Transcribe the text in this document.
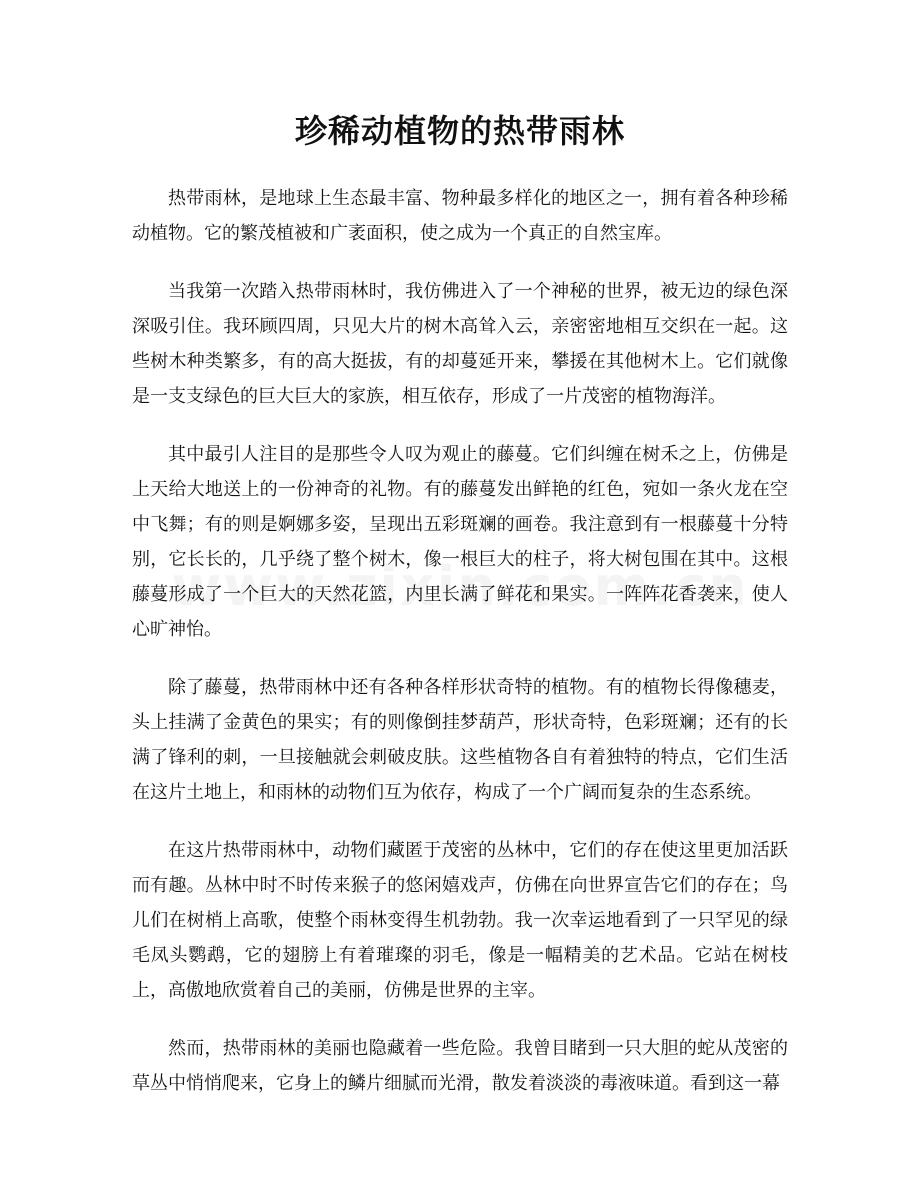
珍稀动植物的热带雨林

热带雨林，是地球上生态最丰富、物种最多样化的地区之一，拥有着各种珍稀动植物。它的繁茂植被和广袤面积，使之成为一个真正的自然宝库。

当我第一次踏入热带雨林时，我仿佛进入了一个神秘的世界，被无边的绿色深深吸引住。我环顾四周，只见大片的树木高耸入云，亲密密地相互交织在一起。这些树木种类繁多，有的高大挺拔，有的却蔓延开来，攀援在其他树木上。它们就像是一支支绿色的巨大巨大的家族，相互依存，形成了一片茂密的植物海洋。

其中最引人注目的是那些令人叹为观止的藤蔓。它们纠缠在树禾之上，仿佛是上天给大地送上的一份神奇的礼物。有的藤蔓发出鲜艳的红色，宛如一条火龙在空中飞舞；有的则是婀娜多姿，呈现出五彩斑斓的画卷。我注意到有一根藤蔓十分特别，它长长的，几乎绕了整个树木，像一根巨大的柱子，将大树包围在其中。这根藤蔓形成了一个巨大的天然花篮，内里长满了鲜花和果实。一阵阵花香袭来，使人心旷神怡。

除了藤蔓，热带雨林中还有各种各样形状奇特的植物。有的植物长得像穗麦，头上挂满了金黄色的果实；有的则像倒挂梦葫芦，形状奇特，色彩斑斓；还有的长满了锋利的刺，一旦接触就会刺破皮肤。这些植物各自有着独特的特点，它们生活在这片土地上，和雨林的动物们互为依存，构成了一个广阔而复杂的生态系统。

在这片热带雨林中，动物们藏匿于茂密的丛林中，它们的存在使这里更加活跃而有趣。丛林中时不时传来猴子的悠闲嬉戏声，仿佛在向世界宣告它们的存在；鸟儿们在树梢上高歌，使整个雨林变得生机勃勃。我一次幸运地看到了一只罕见的绿毛凤头鹦鹉，它的翅膀上有着璀璨的羽毛，像是一幅精美的艺术品。它站在树枝上，高傲地欣赏着自己的美丽，仿佛是世界的主宰。

然而，热带雨林的美丽也隐藏着一些危险。我曾目睹到一只大胆的蛇从茂密的草丛中悄悄爬来，它身上的鳞片细腻而光滑，散发着淡淡的毒液味道。看到这一幕
